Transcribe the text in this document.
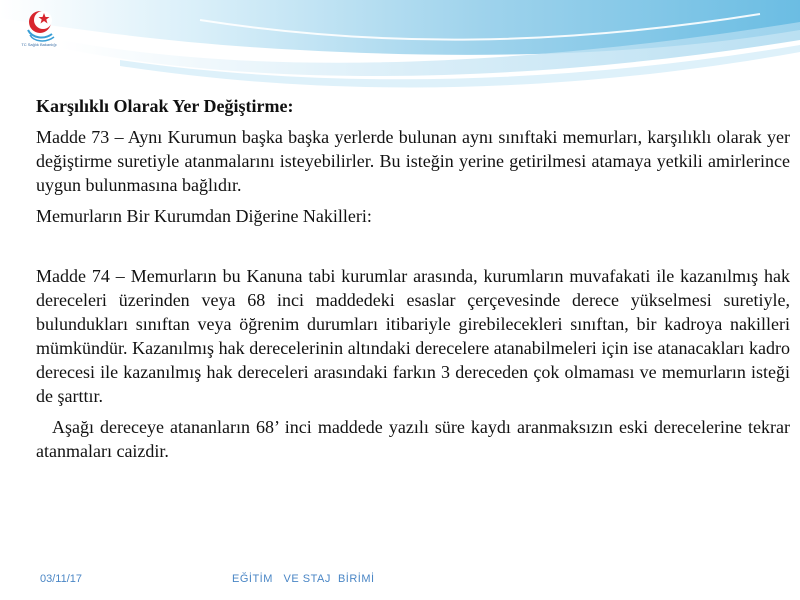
TC Sağlık Bakanlığı

Karşılıklı Olarak Yer Değiştirme:

Madde 73 – Aynı Kurumun başka başka yerlerde bulunan aynı sınıftaki memurları, karşılıklı olarak yer değiştirme suretiyle atanmalarını isteyebilirler. Bu isteğin yerine getirilmesi atamaya yetkili amirlerince uygun bulunmasına bağlıdır.

Memurların Bir Kurumdan Diğerine Nakilleri:

Madde 74 – Memurların bu Kanuna tabi kurumlar arasında, kurumların muvafakati ile kazanılmış hak dereceleri üzerinden veya 68 inci maddedeki esaslar çerçevesinde derece yükselmesi suretiyle, bulundukları sınıftan veya öğrenim durumları itibariyle girebilecekleri sınıftan, bir kadroya nakilleri mümkündür. Kazanılmış hak derecelerinin altındaki derecelere atanabilmeleri için ise atanacakları kadro derecesi ile kazanılmış hak dereceleri arasındaki farkın 3 dereceden çok olmaması ve memurların isteği de şarttır.

Aşağı dereceye atananların 68’ inci maddede yazılı süre kaydı aranmaksızın eski derecelerine tekrar atanmaları caizdir.

03/11/17	EĞİTİM   VE STAJ  BİRİMİ
